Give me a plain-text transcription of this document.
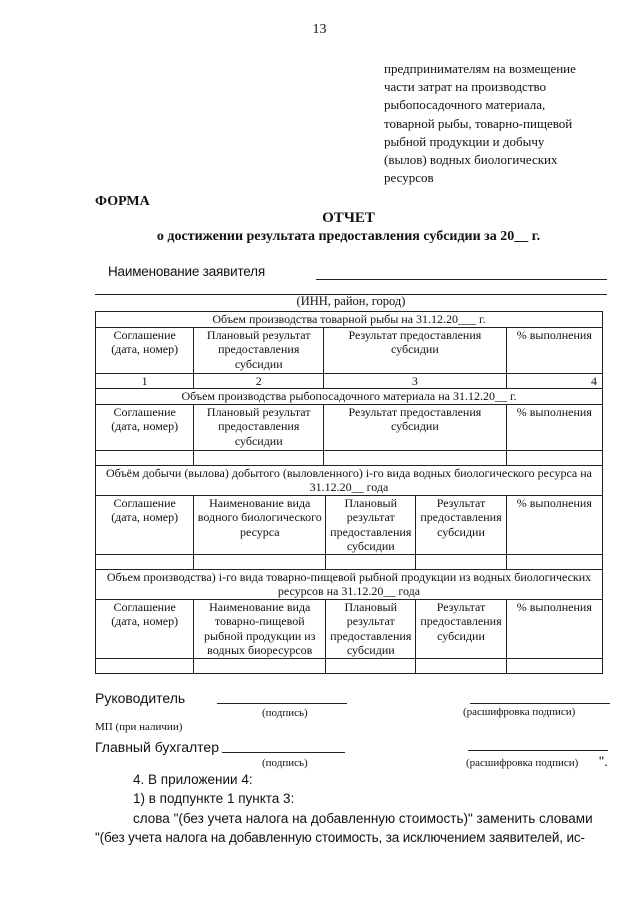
13
предпринимателям на возмещение
части затрат на производство
рыбопосадочного материала,
товарной рыбы, товарно-пищевой
рыбной продукции и добычу
(вылов) водных биологических
ресурсов
ФОРМА
ОТЧЕТ
о достижении результата предоставления субсидии за 20__ г.
Наименование заявителя
(ИНН, район, город)
Объем производства товарной рыбы на 31.12.20___ г.					
Соглашение (дата, номер)	Плановый результат предоставления субсидии	Результат предоставления субсидии			% выполнения
1	2	3			4
Объем производства рыбопосадочного материала на 31.12.20__ г.					
Соглашение (дата, номер)	Плановый результат предоставления субсидии	Результат предоставления субсидии			% выполнения

Объём добычи (вылова) добытого (выловленного) i-го вида водных биологического ресурса на 31.12.20__ года					
Соглашение (дата, номер)	Наименование вида водного биологического ресурса		Плановый результат предоставления субсидии	Результат предоставления субсидии	% выполнения

Объем производства) i-го вида товарно-пищевой рыбной продукции из водных биологических ресурсов на 31.12.20__ года					
Соглашение (дата, номер)	Наименование вида товарно-пищевой рыбной продукции из водных биоресурсов		Плановый результат предоставления субсидии	Результат предоставления субсидии	% выполнения

Руководитель
(подпись)	(расшифровка подписи)
МП (при наличии)
Главный бухгалтер
(подпись)	(расшифровка подписи) ".
4. В приложении 4:
1) в подпункте 1 пункта 3:
слова "(без учета налога на добавленную стоимость)" заменить словами
"(без учета налога на добавленную стоимость, за исключением заявителей, ис-
